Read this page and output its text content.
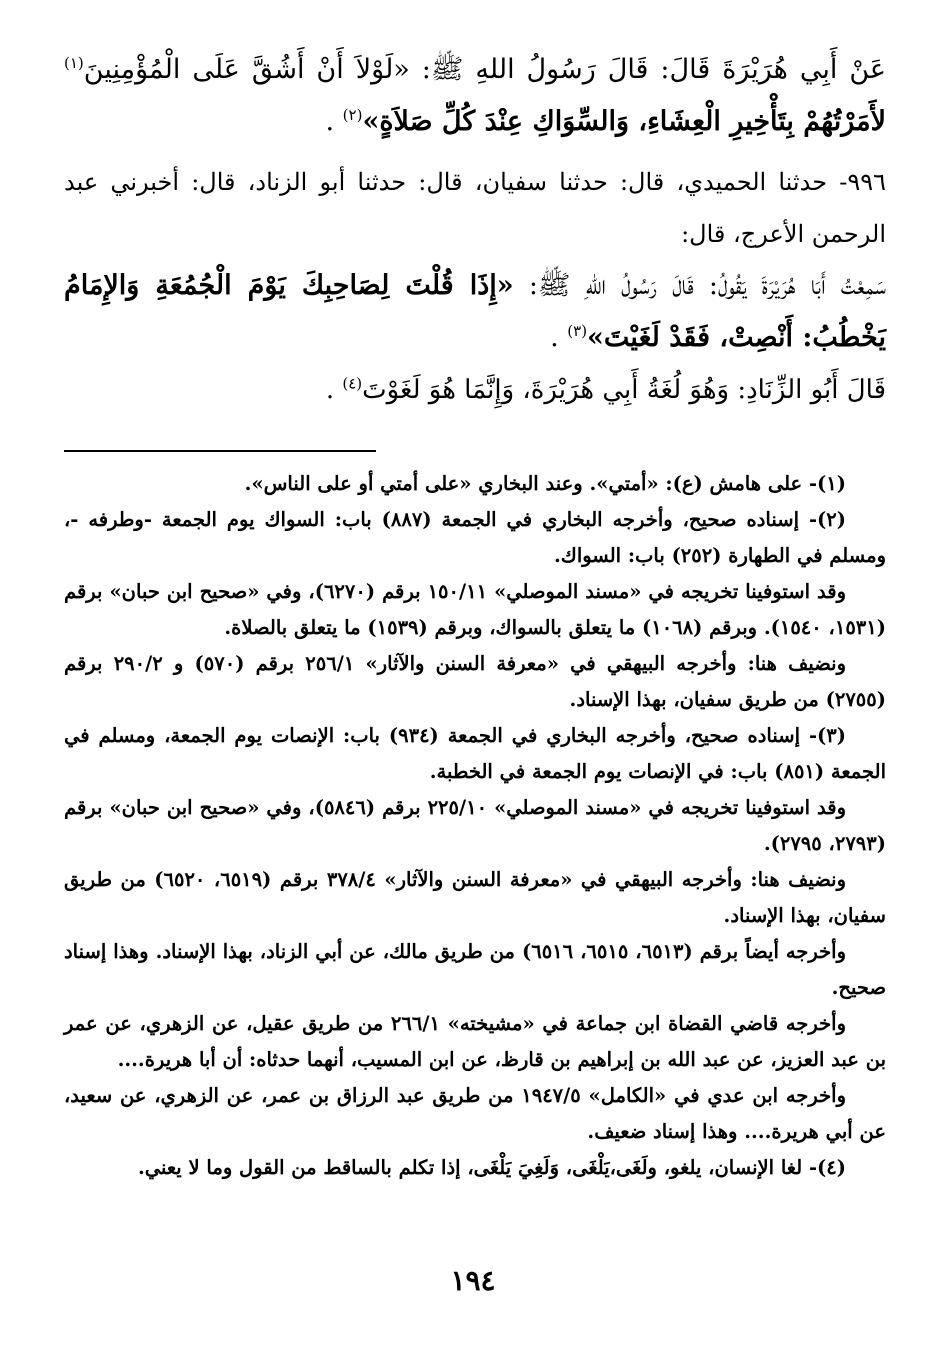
عَنْ أَبِي هُرَيْرَةَ قَالَ: قَالَ رَسُولُ اللهِ ﷺ: «لَوْلاَ أَنْ أَشُقَّ عَلَى الْمُؤْمِنِينَ$^{(١)}$ لأَمَرْتُهُمْ بِتَأْخِيرِ الْعِشَاءِ، وَالسِّوَاكِ عِنْدَ كُلِّ صَلاَةٍ»$^{(٢)}$ .

٩٩٦- حدثنا الحميدي، قال: حدثنا سفيان، قال: حدثنا أبو الزناد، قال: أخبرني عبد الرحمن الأعرج، قال:

سَمِعْتُ أَبَا هُرَيْرَةَ يَقُولُ: قَالَ رَسُولُ اللهِ ﷺ: «إِذَا قُلْتَ لِصَاحِبِكَ يَوْمَ الْجُمُعَةِ وَالإِمَامُ يَخْطُبُ: أَنْصِتْ، فَقَدْ لَغَيْتَ»$^{(٣)}$ .

قَالَ أَبُو الزِّنَادِ: وَهُوَ لُغَةُ أَبِي هُرَيْرَةَ، وَإِنَّمَا هُوَ لَغَوْتَ$^{(٤)}$ .

(١)- على هامش (ع): «أمتي». وعند البخاري «على أمتي أو على الناس».

(٢)- إسناده صحيح، وأخرجه البخاري في الجمعة (٨٨٧) باب: السواك يوم الجمعة -وطرفه -، ومسلم في الطهارة (٢٥٢) باب: السواك.

وقد استوفينا تخريجه في «مسند الموصلي» ١٥٠/١١ برقم (٦٢٧٠)، وفي «صحيح ابن حبان» برقم (١٥٣١، ١٥٤٠). وبرقم (١٠٦٨) ما يتعلق بالسواك، وبرقم (١٥٣٩) ما يتعلق بالصلاة.

ونضيف هنا: وأخرجه البيهقي في «معرفة السنن والآثار» ٢٥٦/١ برقم (٥٧٠) و ٢٩٠/٢ برقم (٢٧٥٥) من طريق سفيان، بهذا الإسناد.

(٣)- إسناده صحيح، وأخرجه البخاري في الجمعة (٩٣٤) باب: الإنصات يوم الجمعة، ومسلم في الجمعة (٨٥١) باب: في الإنصات يوم الجمعة في الخطبة.

وقد استوفينا تخريجه في «مسند الموصلي» ٢٢٥/١٠ برقم (٥٨٤٦)، وفي «صحيح ابن حبان» برقم (٢٧٩٣، ٢٧٩٥).

ونضيف هنا: وأخرجه البيهقي في «معرفة السنن والآثار» ٣٧٨/٤ برقم (٦٥١٩، ٦٥٢٠) من طريق سفيان، بهذا الإسناد.

وأخرجه أيضاً برقم (٦٥١٣، ٦٥١٥، ٦٥١٦) من طريق مالك، عن أبي الزناد، بهذا الإسناد. وهذا إسناد صحيح.

وأخرجه قاضي القضاة ابن جماعة في «مشيخته» ٢٦٦/١ من طريق عقيل، عن الزهري، عن عمر بن عبد العزيز، عن عبد الله بن إبراهيم بن قارظ، عن ابن المسيب، أنهما حدثاه: أن أبا هريرة....

وأخرجه ابن عدي في «الكامل» ١٩٤٧/٥ من طريق عبد الرزاق بن عمر، عن الزهري، عن سعيد، عن أبي هريرة.... وهذا إسناد ضعيف.

(٤)- لغا الإنسان، يلغو، ولَغَى،يَلْغَى، وَلَغِيَ يَلْغَى، إذا تكلم بالساقط من القول وما لا يعني.

١٩٤
